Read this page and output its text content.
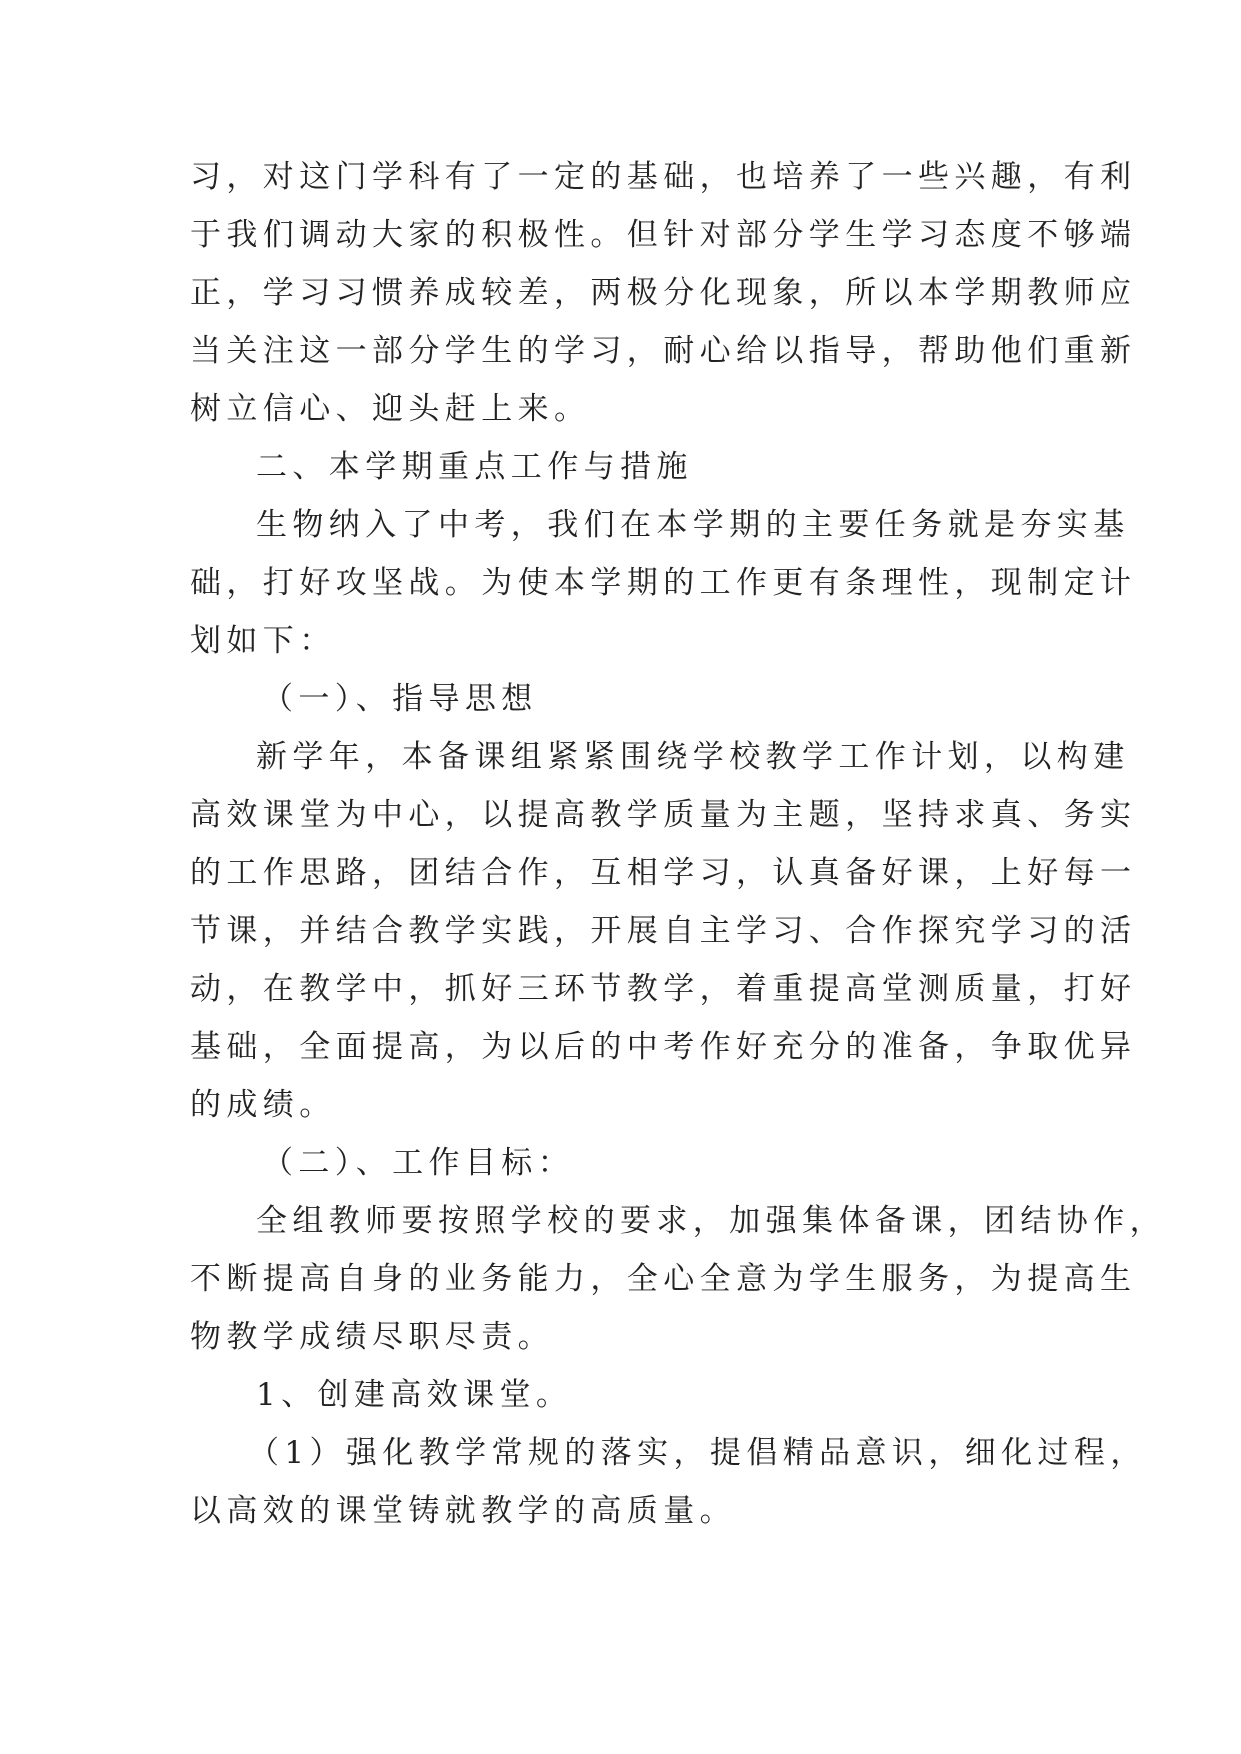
习，对这门学科有了一定的基础，也培养了一些兴趣，有利
于我们调动大家的积极性。但针对部分学生学习态度不够端
正，学习习惯养成较差，两极分化现象，所以本学期教师应
当关注这一部分学生的学习，耐心给以指导，帮助他们重新
树立信心、迎头赶上来。
二、本学期重点工作与措施
生物纳入了中考，我们在本学期的主要任务就是夯实基
础，打好攻坚战。为使本学期的工作更有条理性，现制定计
划如下：
（一）、指导思想
新学年，本备课组紧紧围绕学校教学工作计划，以构建
高效课堂为中心，以提高教学质量为主题，坚持求真、务实
的工作思路，团结合作，互相学习，认真备好课，上好每一
节课，并结合教学实践，开展自主学习、合作探究学习的活
动，在教学中，抓好三环节教学，着重提高堂测质量，打好
基础，全面提高，为以后的中考作好充分的准备，争取优异
的成绩。
（二）、工作目标：
全组教师要按照学校的要求，加强集体备课，团结协作，
不断提高自身的业务能力，全心全意为学生服务，为提高生
物教学成绩尽职尽责。
1、创建高效课堂。
（1）强化教学常规的落实，提倡精品意识，细化过程，
以高效的课堂铸就教学的高质量。
